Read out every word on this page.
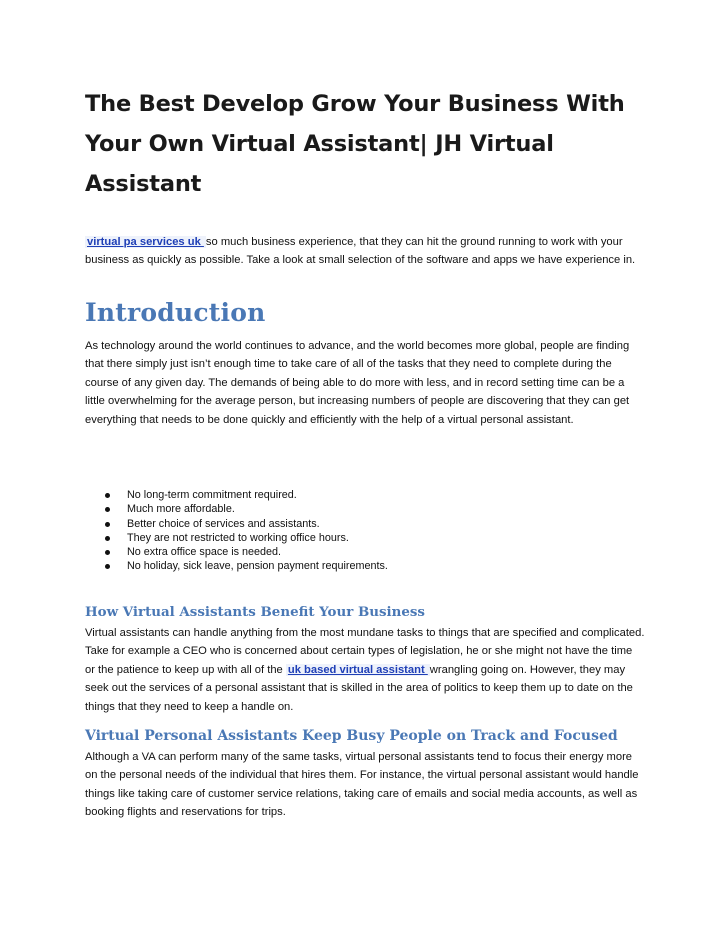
The Best Develop Grow Your Business With Your Own Virtual Assistant| JH Virtual Assistant

virtual pa services uk so much business experience, that they can hit the ground running to work with your business as quickly as possible. Take a look at small selection of the software and apps we have experience in.

Introduction

As technology around the world continues to advance, and the world becomes more global, people are finding that there simply just isn’t enough time to take care of all of the tasks that they need to complete during the course of any given day. The demands of being able to do more with less, and in record setting time can be a little overwhelming for the average person, but increasing numbers of people are discovering that they can get everything that needs to be done quickly and efficiently with the help of a virtual personal assistant.

No long-term commitment required.
Much more affordable.
Better choice of services and assistants.
They are not restricted to working office hours.
No extra office space is needed.
No holiday, sick leave, pension payment requirements.
How Virtual Assistants Benefit Your Business

Virtual assistants can handle anything from the most mundane tasks to things that are specified and complicated. Take for example a CEO who is concerned about certain types of legislation, he or she might not have the time or the patience to keep up with all of the uk based virtual assistant wrangling going on. However, they may seek out the services of a personal assistant that is skilled in the area of politics to keep them up to date on the things that they need to keep a handle on.

Virtual Personal Assistants Keep Busy People on Track and Focused

Although a VA can perform many of the same tasks, virtual personal assistants tend to focus their energy more on the personal needs of the individual that hires them. For instance, the virtual personal assistant would handle things like taking care of customer service relations, taking care of emails and social media accounts, as well as booking flights and reservations for trips.
